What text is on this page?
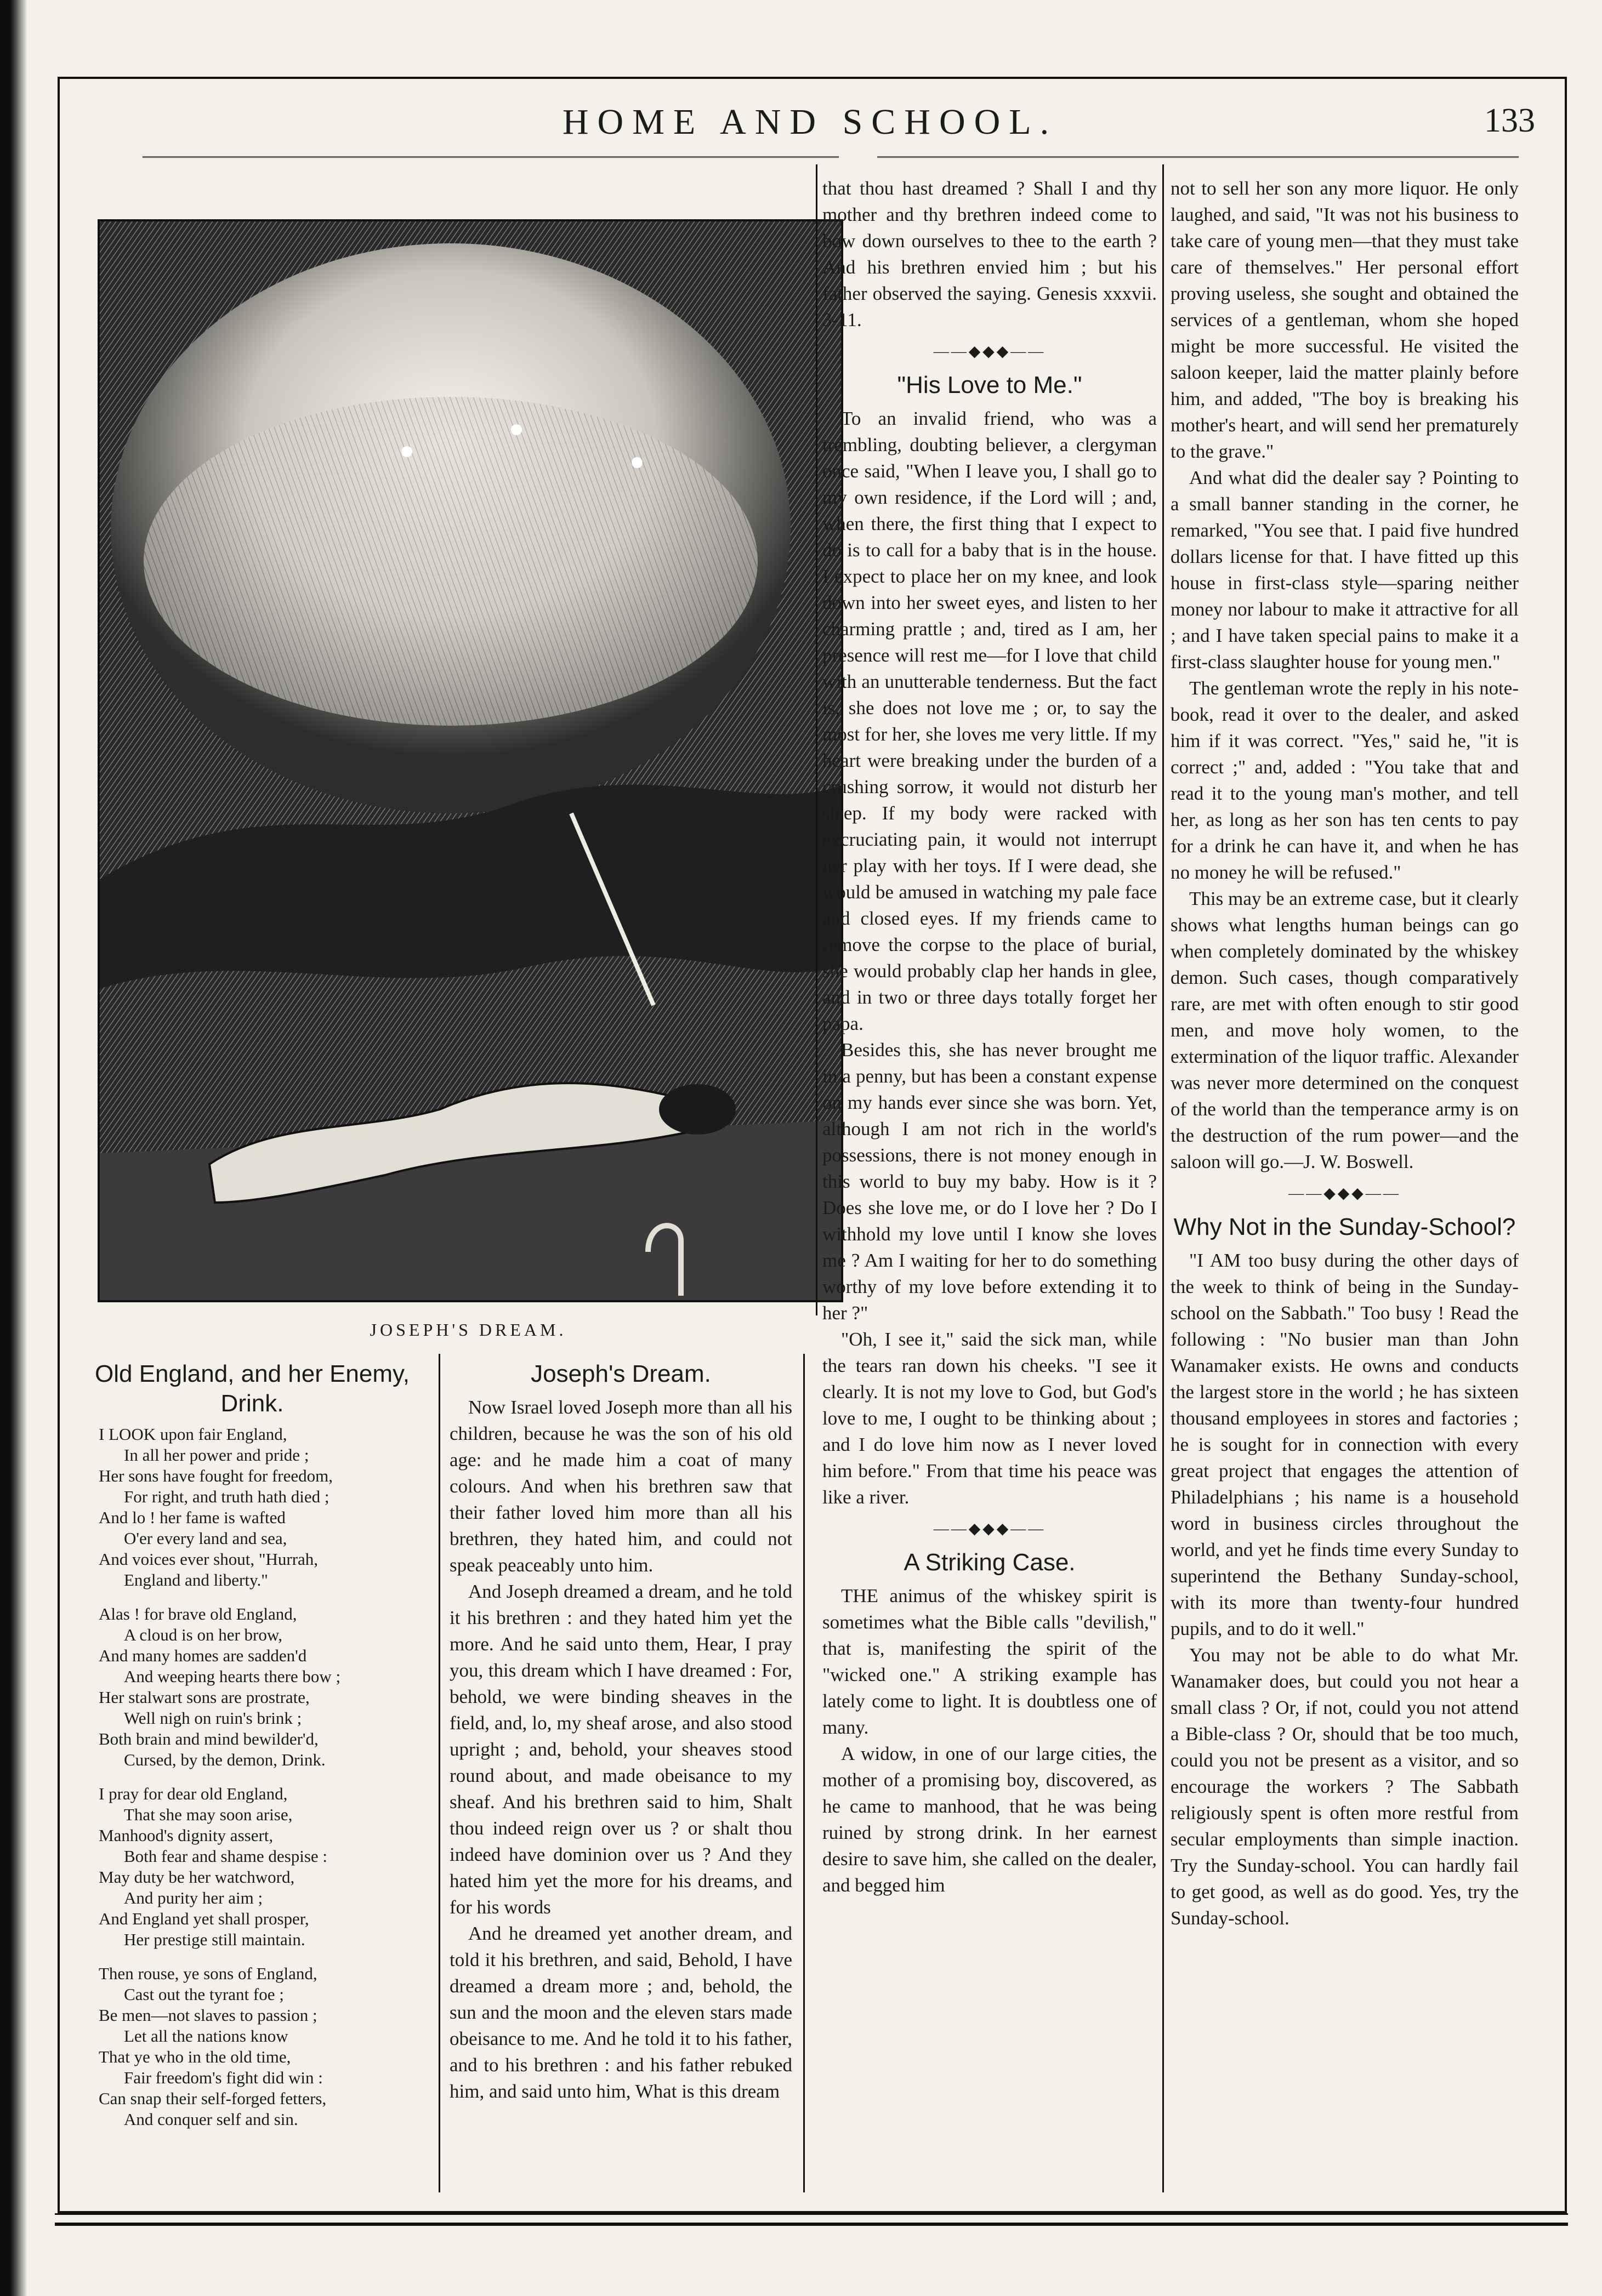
HOME AND SCHOOL.	133
JOSEPH'S DREAM.
Old England, and her Enemy, Drink.
I LOOK upon fair England,
In all her power and pride ;
Her sons have fought for freedom,
For right, and truth hath died ;
And lo ! her fame is wafted
O'er every land and sea,
And voices ever shout, "Hurrah,
England and liberty."
Alas ! for brave old England,
A cloud is on her brow,
And many homes are sadden'd
And weeping hearts there bow ;
Her stalwart sons are prostrate,
Well nigh on ruin's brink ;
Both brain and mind bewilder'd,
Cursed, by the demon, Drink.
I pray for dear old England,
That she may soon arise,
Manhood's dignity assert,
Both fear and shame despise :
May duty be her watchword,
And purity her aim ;
And England yet shall prosper,
Her prestige still maintain.
Then rouse, ye sons of England,
Cast out the tyrant foe ;
Be men—not slaves to passion ;
Let all the nations know
That ye who in the old time,
Fair freedom's fight did win :
Can snap their self-forged fetters,
And conquer self and sin.
Joseph's Dream.

Now Israel loved Joseph more than all his children, because he was the son of his old age: and he made him a coat of many colours. And when his brethren saw that their father loved him more than all his brethren, they hated him, and could not speak peaceably unto him.

And Joseph dreamed a dream, and he told it his brethren : and they hated him yet the more. And he said unto them, Hear, I pray you, this dream which I have dreamed : For, behold, we were binding sheaves in the field, and, lo, my sheaf arose, and also stood upright ; and, behold, your sheaves stood round about, and made obeisance to my sheaf. And his brethren said to him, Shalt thou indeed reign over us ? or shalt thou indeed have dominion over us ? And they hated him yet the more for his dreams, and for his words

And he dreamed yet another dream, and told it his brethren, and said, Behold, I have dreamed a dream more ; and, behold, the sun and the moon and the eleven stars made obeisance to me. And he told it to his father, and to his brethren : and his father rebuked him, and said unto him, What is this dream

that thou hast dreamed ? Shall I and thy mother and thy brethren indeed come to bow down ourselves to thee to the earth ? And his brethren envied him ; but his father observed the saying. Genesis xxxvii. 3-11.

——◆◆◆——
"His Love to Me."

To an invalid friend, who was a trembling, doubting believer, a clergyman once said, "When I leave you, I shall go to my own residence, if the Lord will ; and, when there, the first thing that I expect to do is to call for a baby that is in the house. I expect to place her on my knee, and look down into her sweet eyes, and listen to her charming prattle ; and, tired as I am, her presence will rest me—for I love that child with an unutterable tenderness. But the fact is, she does not love me ; or, to say the most for her, she loves me very little. If my heart were breaking under the burden of a crushing sorrow, it would not disturb her sleep. If my body were racked with excruciating pain, it would not interrupt her play with her toys. If I were dead, she would be amused in watching my pale face and closed eyes. If my friends came to remove the corpse to the place of burial, she would probably clap her hands in glee, and in two or three days totally forget her papa.

Besides this, she has never brought me in a penny, but has been a constant expense on my hands ever since she was born. Yet, although I am not rich in the world's possessions, there is not money enough in this world to buy my baby. How is it ? Does she love me, or do I love her ? Do I withhold my love until I know she loves me ? Am I waiting for her to do something worthy of my love before extending it to her ?"

"Oh, I see it," said the sick man, while the tears ran down his cheeks. "I see it clearly. It is not my love to God, but God's love to me, I ought to be thinking about ; and I do love him now as I never loved him before." From that time his peace was like a river.

——◆◆◆——
A Striking Case.

THE animus of the whiskey spirit is sometimes what the Bible calls "devilish," that is, manifesting the spirit of the "wicked one." A striking example has lately come to light. It is doubtless one of many.

A widow, in one of our large cities, the mother of a promising boy, discovered, as he came to manhood, that he was being ruined by strong drink. In her earnest desire to save him, she called on the dealer, and begged him

not to sell her son any more liquor. He only laughed, and said, "It was not his business to take care of young men—that they must take care of themselves." Her personal effort proving useless, she sought and obtained the services of a gentleman, whom she hoped might be more successful. He visited the saloon keeper, laid the matter plainly before him, and added, "The boy is breaking his mother's heart, and will send her prematurely to the grave."

And what did the dealer say ? Pointing to a small banner standing in the corner, he remarked, "You see that. I paid five hundred dollars license for that. I have fitted up this house in first-class style—sparing neither money nor labour to make it attractive for all ; and I have taken special pains to make it a first-class slaughter house for young men."

The gentleman wrote the reply in his note-book, read it over to the dealer, and asked him if it was correct. "Yes," said he, "it is correct ;" and, added : "You take that and read it to the young man's mother, and tell her, as long as her son has ten cents to pay for a drink he can have it, and when he has no money he will be refused."

This may be an extreme case, but it clearly shows what lengths human beings can go when completely dominated by the whiskey demon. Such cases, though comparatively rare, are met with often enough to stir good men, and move holy women, to the extermination of the liquor traffic. Alexander was never more determined on the conquest of the world than the temperance army is on the destruction of the rum power—and the saloon will go.—J. W. Boswell.

——◆◆◆——
Why Not in the Sunday-School?

"I AM too busy during the other days of the week to think of being in the Sunday-school on the Sabbath." Too busy ! Read the following : "No busier man than John Wanamaker exists. He owns and conducts the largest store in the world ; he has sixteen thousand employees in stores and factories ; he is sought for in connection with every great project that engages the attention of Philadelphians ; his name is a household word in business circles throughout the world, and yet he finds time every Sunday to superintend the Bethany Sunday-school, with its more than twenty-four hundred pupils, and to do it well."

You may not be able to do what Mr. Wanamaker does, but could you not hear a small class ? Or, if not, could you not attend a Bible-class ? Or, should that be too much, could you not be present as a visitor, and so encourage the workers ? The Sabbath religiously spent is often more restful from secular employments than simple inaction. Try the Sunday-school. You can hardly fail to get good, as well as do good. Yes, try the Sunday-school.
